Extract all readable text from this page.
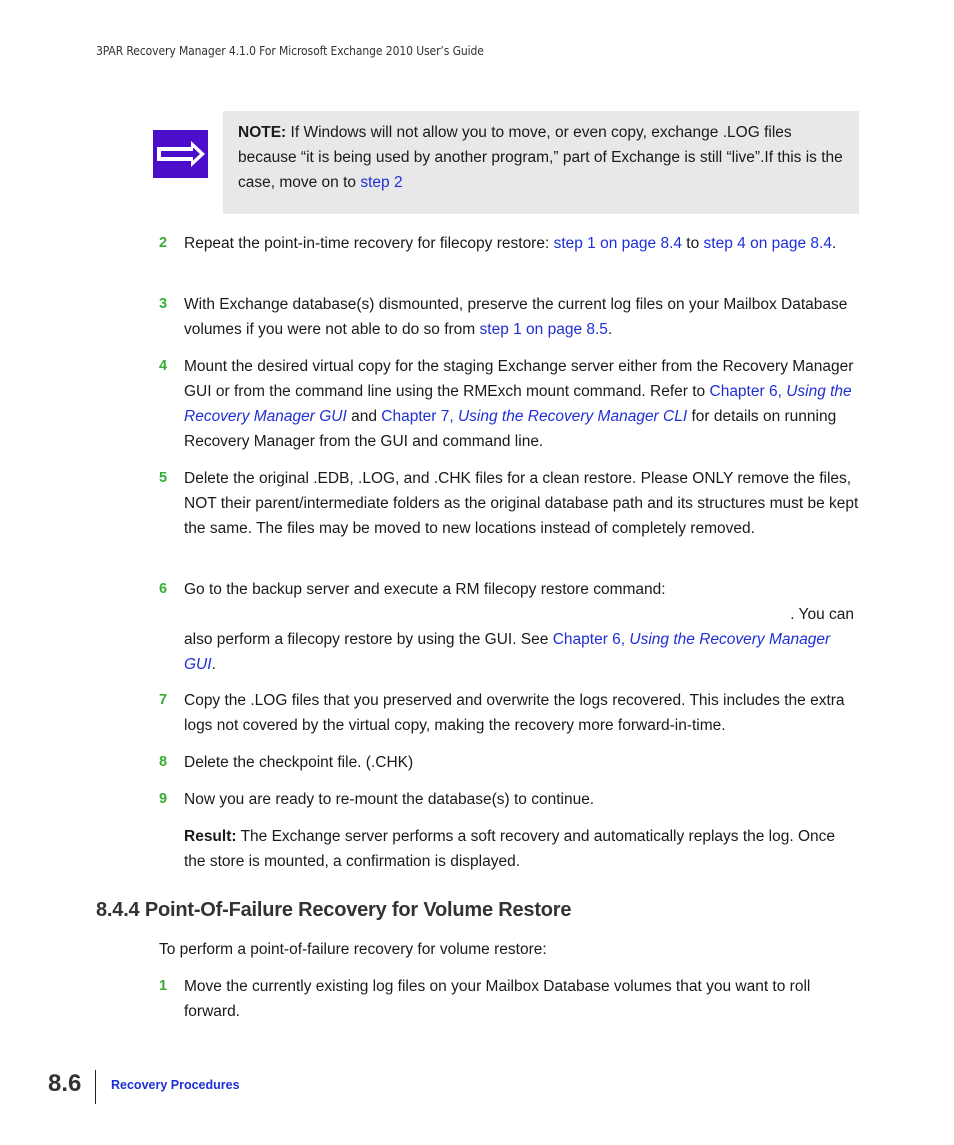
3PAR Recovery Manager 4.1.0 For Microsoft Exchange 2010 User’s Guide
NOTE: If Windows will not allow you to move, or even copy, exchange .LOG files because “it is being used by another program,” part of Exchange is still “live”.If this is the case, move on to step 2
2	Repeat the point-in-time recovery for filecopy restore: step 1 on page 8.4 to step 4 on page 8.4.
3	With Exchange database(s) dismounted, preserve the current log files on your Mailbox Database volumes if you were not able to do so from step 1 on page 8.5.
4	Mount the desired virtual copy for the staging Exchange server either from the Recovery Manager GUI or from the command line using the RMExch mount command. Refer to Chapter 6, Using the Recovery Manager GUI and Chapter 7, Using the Recovery Manager CLI for details on running Recovery Manager from the GUI and command line.
5	Delete the original .EDB, .LOG, and .CHK files for a clean restore. Please ONLY remove the files, NOT their parent/intermediate folders as the original database path and its structures must be kept the same. The files may be moved to new locations instead of completely removed.
6	Go to the backup server and execute a RM filecopy restore command:
. You can
also perform a filecopy restore by using the GUI. See Chapter 6, Using the Recovery Manager GUI.
7	Copy the .LOG files that you preserved and overwrite the logs recovered. This includes the extra logs not covered by the virtual copy, making the recovery more forward-in-time.
8	Delete the checkpoint file. (.CHK)
9	Now you are ready to re-mount the database(s) to continue.
Result: The Exchange server performs a soft recovery and automatically replays the log. Once the store is mounted, a confirmation is displayed.
8.4.4 Point-Of-Failure Recovery for Volume Restore
To perform a point-of-failure recovery for volume restore:
1	Move the currently existing log files on your Mailbox Database volumes that you want to roll forward.
8.6 Recovery Procedures
